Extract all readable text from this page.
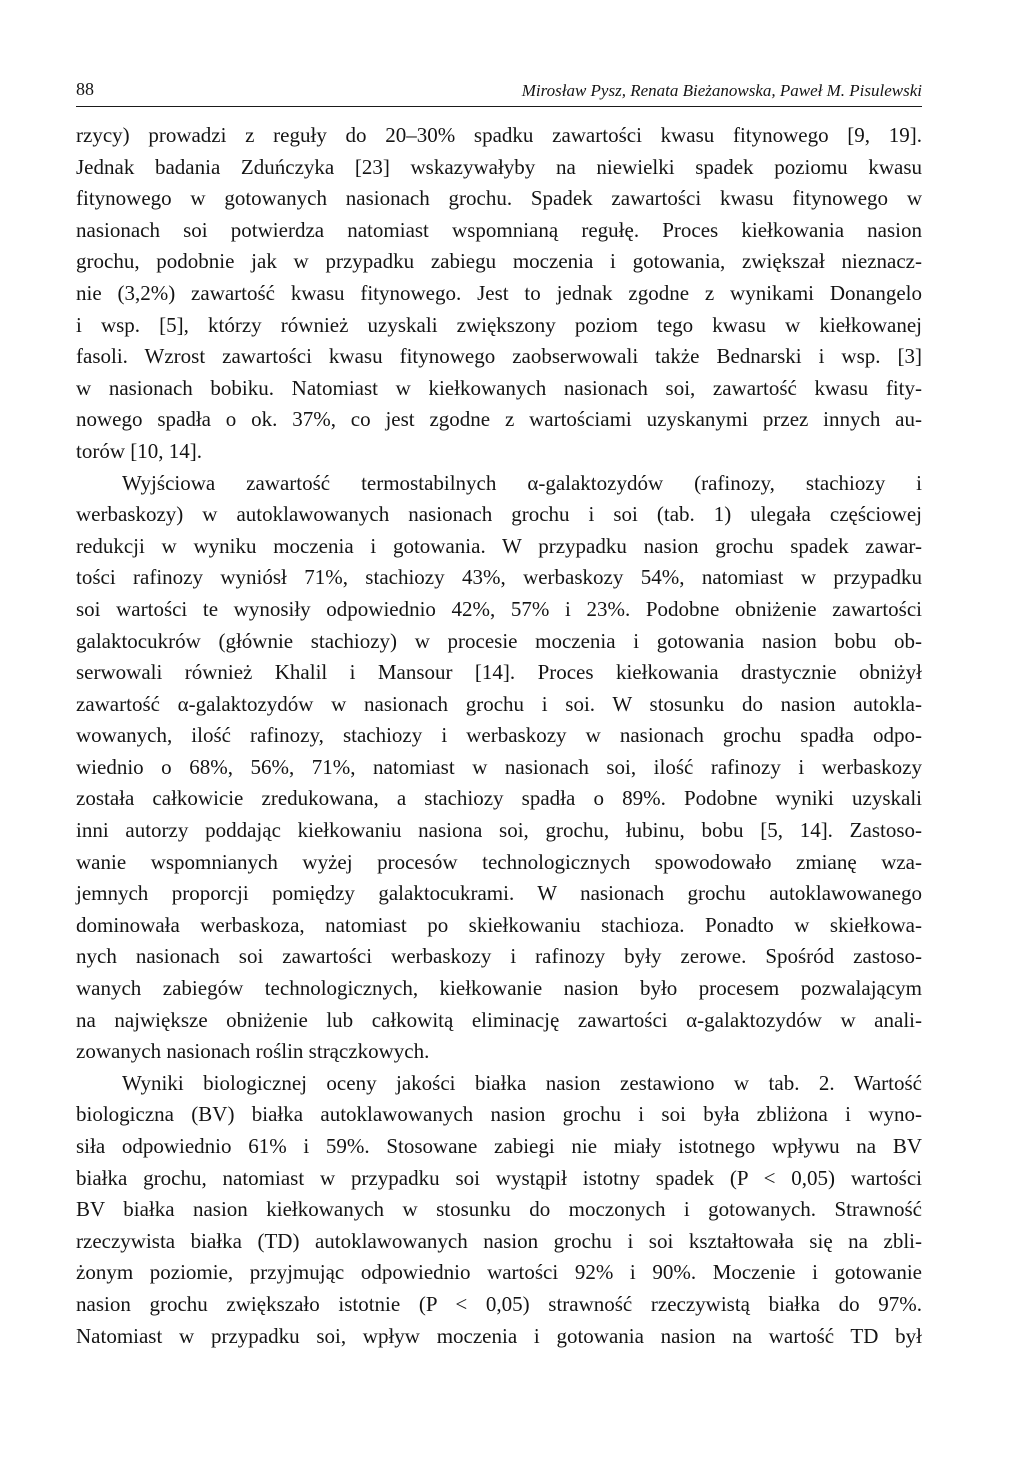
88	Mirosław Pysz, Renata Bieżanowska, Paweł M. Pisulewski
rzycy) prowadzi z reguły do 20–30% spadku zawartości kwasu fitynowego [9, 19].
Jednak badania Zduńczyka [23] wskazywałyby na niewielki spadek poziomu kwasu
fitynowego w gotowanych nasionach grochu. Spadek zawartości kwasu fitynowego w
nasionach soi potwierdza natomiast wspomnianą regułę. Proces kiełkowania nasion
grochu, podobnie jak w przypadku zabiegu moczenia i gotowania, zwiększał nieznacz-
nie (3,2%) zawartość kwasu fitynowego. Jest to jednak zgodne z wynikami Donangelo
i wsp. [5], którzy również uzyskali zwiększony poziom tego kwasu w kiełkowanej
fasoli. Wzrost zawartości kwasu fitynowego zaobserwowali także Bednarski i wsp. [3]
w nasionach bobiku. Natomiast w kiełkowanych nasionach soi, zawartość kwasu fity-
nowego spadła o ok. 37%, co jest zgodne z wartościami uzyskanymi przez innych au-
torów [10, 14].
Wyjściowa zawartość termostabilnych α-galaktozydów (rafinozy, stachiozy i
werbaskozy) w autoklawowanych nasionach grochu i soi (tab. 1) ulegała częściowej
redukcji w wyniku moczenia i gotowania. W przypadku nasion grochu spadek zawar-
tości rafinozy wyniósł 71%, stachiozy 43%, werbaskozy 54%, natomiast w przypadku
soi wartości te wynosiły odpowiednio 42%, 57% i 23%. Podobne obniżenie zawartości
galaktocukrów (głównie stachiozy) w procesie moczenia i gotowania nasion bobu ob-
serwowali również Khalil i Mansour [14]. Proces kiełkowania drastycznie obniżył
zawartość α-galaktozydów w nasionach grochu i soi. W stosunku do nasion autokla-
wowanych, ilość rafinozy, stachiozy i werbaskozy w nasionach grochu spadła odpo-
wiednio o 68%, 56%, 71%, natomiast w nasionach soi, ilość rafinozy i werbaskozy
została całkowicie zredukowana, a stachiozy spadła o 89%. Podobne wyniki uzyskali
inni autorzy poddając kiełkowaniu nasiona soi, grochu, łubinu, bobu [5, 14]. Zastoso-
wanie wspomnianych wyżej procesów technologicznych spowodowało zmianę wza-
jemnych proporcji pomiędzy galaktocukrami. W nasionach grochu autoklawowanego
dominowała werbaskoza, natomiast po skiełkowaniu stachioza. Ponadto w skiełkowa-
nych nasionach soi zawartości werbaskozy i rafinozy były zerowe. Spośród zastoso-
wanych zabiegów technologicznych, kiełkowanie nasion było procesem pozwalającym
na największe obniżenie lub całkowitą eliminację zawartości α-galaktozydów w anali-
zowanych nasionach roślin strączkowych.
Wyniki biologicznej oceny jakości białka nasion zestawiono w tab. 2. Wartość
biologiczna (BV) białka autoklawowanych nasion grochu i soi była zbliżona i wyno-
siła odpowiednio 61% i 59%. Stosowane zabiegi nie miały istotnego wpływu na BV
białka grochu, natomiast w przypadku soi wystąpił istotny spadek (P < 0,05) wartości
BV białka nasion kiełkowanych w stosunku do moczonych i gotowanych. Strawność
rzeczywista białka (TD) autoklawowanych nasion grochu i soi kształtowała się na zbli-
żonym poziomie, przyjmując odpowiednio wartości 92% i 90%. Moczenie i gotowanie
nasion grochu zwiększało istotnie (P < 0,05) strawność rzeczywistą białka do 97%.
Natomiast w przypadku soi, wpływ moczenia i gotowania nasion na wartość TD był
